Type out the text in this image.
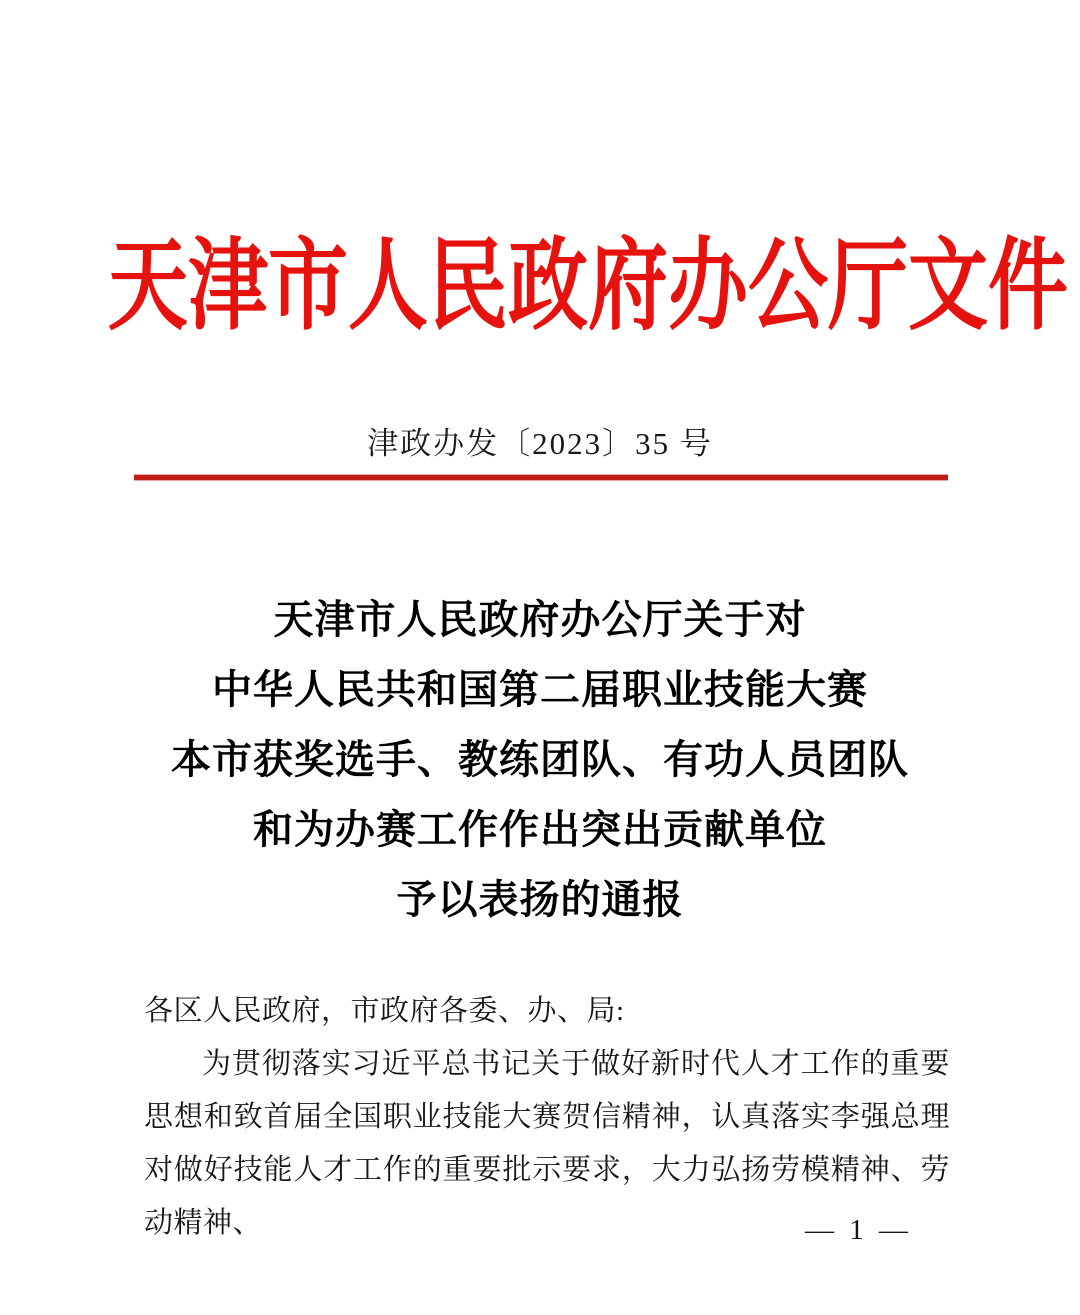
天津市人民政府办公厅文件
津政办发〔2023〕35 号
天津市人民政府办公厅关于对
中华人民共和国第二届职业技能大赛
本市获奖选手、教练团队、有功人员团队
和为办赛工作作出突出贡献单位
予以表扬的通报

各区人民政府，市政府各委、办、局:

为贯彻落实习近平总书记关于做好新时代人才工作的重要思想和致首届全国职业技能大赛贺信精神，认真落实李强总理对做好技能人才工作的重要批示要求，大力弘扬劳模精神、劳动精神、	— 1 —
